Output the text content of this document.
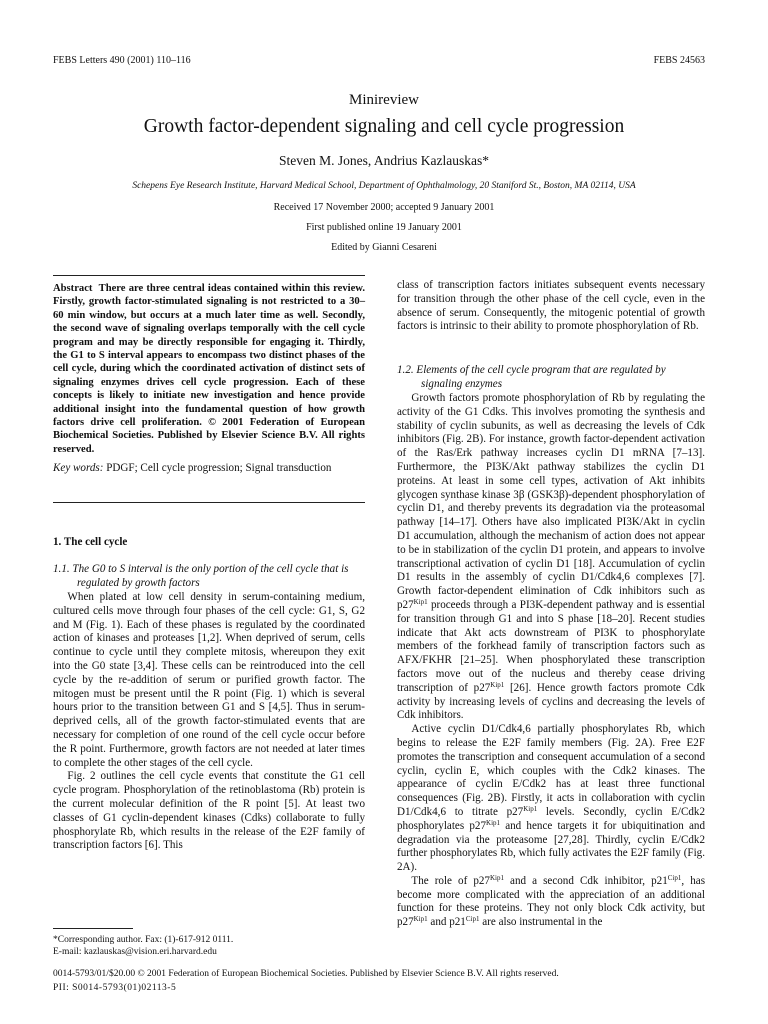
FEBS Letters 490 (2001) 110–116	FEBS 24563
Minireview
Growth factor-dependent signaling and cell cycle progression
Steven M. Jones, Andrius Kazlauskas*
Schepens Eye Research Institute, Harvard Medical School, Department of Ophthalmology, 20 Staniford St., Boston, MA 02114, USA
Received 17 November 2000; accepted 9 January 2001
First published online 19 January 2001
Edited by Gianni Cesareni
Abstract There are three central ideas contained within this review. Firstly, growth factor-stimulated signaling is not restricted to a 30–60 min window, but occurs at a much later time as well. Secondly, the second wave of signaling overlaps temporally with the cell cycle program and may be directly responsible for engaging it. Thirdly, the G1 to S interval appears to encompass two distinct phases of the cell cycle, during which the coordinated activation of distinct sets of signaling enzymes drives cell cycle progression. Each of these concepts is likely to initiate new investigation and hence provide additional insight into the fundamental question of how growth factors drive cell proliferation. © 2001 Federation of European Biochemical Societies. Published by Elsevier Science B.V. All rights reserved.
Key words: PDGF; Cell cycle progression; Signal transduction
1. The cell cycle
1.1. The G0 to S interval is the only portion of the cell cycle that is regulated by growth factors

When plated at low cell density in serum-containing medium, cultured cells move through four phases of the cell cycle: G1, S, G2 and M (Fig. 1). Each of these phases is regulated by the coordinated action of kinases and proteases [1,2]. When deprived of serum, cells continue to cycle until they complete mitosis, whereupon they exit into the G0 state [3,4]. These cells can be reintroduced into the cell cycle by the re-addition of serum or purified growth factor. The mitogen must be present until the R point (Fig. 1) which is several hours prior to the transition between G1 and S [4,5]. Thus in serum-deprived cells, all of the growth factor-stimulated events that are necessary for completion of one round of the cell cycle occur before the R point. Furthermore, growth factors are not needed at later times to complete the other stages of the cell cycle.

Fig. 2 outlines the cell cycle events that constitute the G1 cell cycle program. Phosphorylation of the retinoblastoma (Rb) protein is the current molecular definition of the R point [5]. At least two classes of G1 cyclin-dependent kinases (Cdks) collaborate to fully phosphorylate Rb, which results in the release of the E2F family of transcription factors [6]. This

*Corresponding author. Fax: (1)-617-912 0111.
E-mail: kazlauskas@vision.eri.harvard.edu

class of transcription factors initiates subsequent events necessary for transition through the other phase of the cell cycle, even in the absence of serum. Consequently, the mitogenic potential of growth factors is intrinsic to their ability to promote phosphorylation of Rb.

1.2. Elements of the cell cycle program that are regulated by signaling enzymes

Growth factors promote phosphorylation of Rb by regulating the activity of the G1 Cdks. This involves promoting the synthesis and stability of cyclin subunits, as well as decreasing the levels of Cdk inhibitors (Fig. 2B). For instance, growth factor-dependent activation of the Ras/Erk pathway increases cyclin D1 mRNA [7–13]. Furthermore, the PI3K/Akt pathway stabilizes the cyclin D1 proteins. At least in some cell types, activation of Akt inhibits glycogen synthase kinase 3β (GSK3β)-dependent phosphorylation of cyclin D1, and thereby prevents its degradation via the proteasomal pathway [14–17]. Others have also implicated PI3K/Akt in cyclin D1 accumulation, although the mechanism of action does not appear to be in stabilization of the cyclin D1 protein, and appears to involve transcriptional activation of cyclin D1 [18]. Accumulation of cyclin D1 results in the assembly of cyclin D1/Cdk4,6 complexes [7]. Growth factor-dependent elimination of Cdk inhibitors such as $p27^{Kip1}$ proceeds through a PI3K-dependent pathway and is essential for transition through G1 and into S phase [18–20]. Recent studies indicate that Akt acts downstream of PI3K to phosphorylate members of the forkhead family of transcription factors such as AFX/FKHR [21–25]. When phosphorylated these transcription factors move out of the nucleus and thereby cease driving transcription of $p27^{Kip1}$ [26]. Hence growth factors promote Cdk activity by increasing levels of cyclins and decreasing the levels of Cdk inhibitors.

Active cyclin D1/Cdk4,6 partially phosphorylates Rb, which begins to release the E2F family members (Fig. 2A). Free E2F promotes the transcription and consequent accumulation of a second cyclin, cyclin E, which couples with the Cdk2 kinases. The appearance of cyclin E/Cdk2 has at least three functional consequences (Fig. 2B). Firstly, it acts in collaboration with cyclin D1/Cdk4,6 to titrate $p27^{Kip1}$ levels. Secondly, cyclin E/Cdk2 phosphorylates $p27^{Kip1}$ and hence targets it for ubiquitination and degradation via the proteasome [27,28]. Thirdly, cyclin E/Cdk2 further phosphorylates Rb, which fully activates the E2F family (Fig. 2A).

The role of $p27^{Kip1}$ and a second Cdk inhibitor, $p21^{Cip1}$, has become more complicated with the appreciation of an additional function for these proteins. They not only block Cdk activity, but $p27^{Kip1}$ and $p21^{Cip1}$ are also instrumental in the

0014-5793/01/$20.00 © 2001 Federation of European Biochemical Societies. Published by Elsevier Science B.V. All rights reserved.
PII: S0014-5793(01)02113-5
